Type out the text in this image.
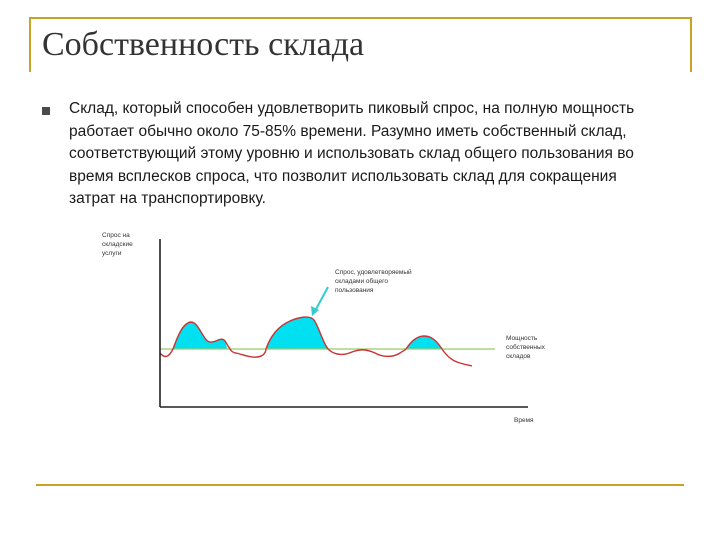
Собственность склада

Склад, который способен удовлетворить пиковый спрос, на полную мощность работает обычно около 75-85% времени. Разумно иметь собственный склад, соответствующий этому уровню и использовать склад общего пользования во время всплесков спроса, что позволит использовать склад для сокращения затрат на транспортировку.

Спрос на складские услуги
Спрос, удовлетворяемый складами общего пользования
Мощность собственных складов
Время
